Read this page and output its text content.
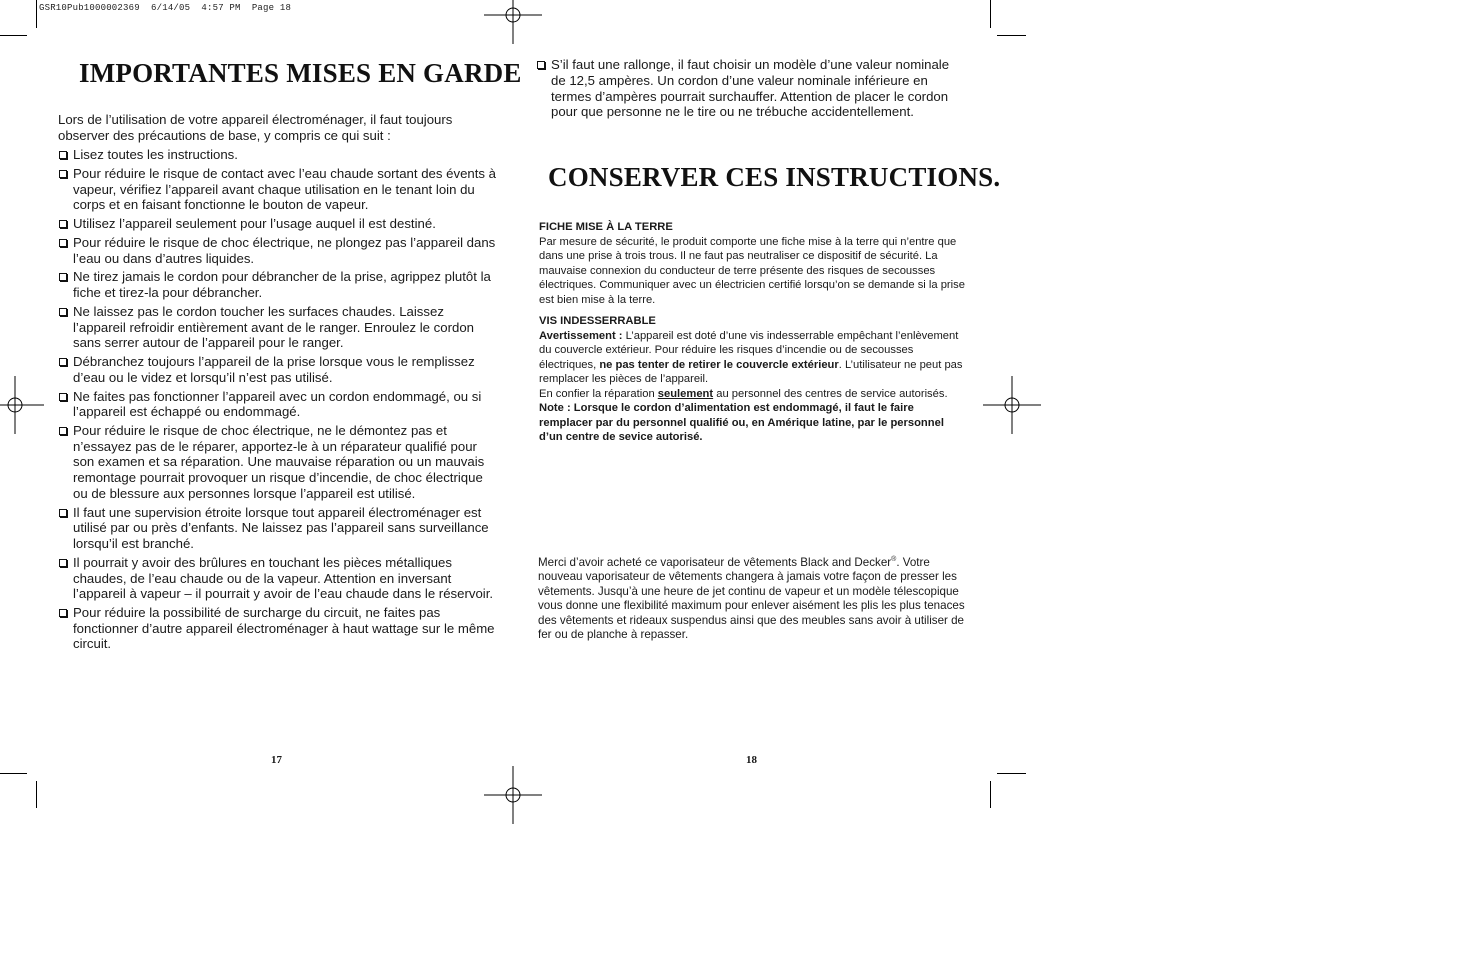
GSR10Pub1000002369  6/14/05  4:57 PM  Page 18
IMPORTANTES MISES EN GARDE

Lors de l’utilisation de votre appareil électroménager, il faut toujours observer des précautions de base, y compris ce qui suit :

Lisez toutes les instructions.
Pour réduire le risque de contact avec l’eau chaude sortant des évents à vapeur, vérifiez l’appareil avant chaque utilisation en le tenant loin du corps et en faisant fonctionne le bouton de vapeur.
Utilisez l’appareil seulement pour l’usage auquel il est destiné.
Pour réduire le risque de choc électrique, ne plongez pas l’appareil dans l’eau ou dans d’autres liquides.
Ne tirez jamais le cordon pour débrancher de la prise, agrippez plutôt la fiche et tirez-la pour débrancher.
Ne laissez pas le cordon toucher les surfaces chaudes. Laissez l’appareil refroidir entièrement avant de le ranger. Enroulez le cordon sans serrer autour de l’appareil pour le ranger.
Débranchez toujours l’appareil de la prise lorsque vous le remplissez d’eau ou le videz et lorsqu’il n’est pas utilisé.
Ne faites pas fonctionner l’appareil avec un cordon endommagé, ou si l’appareil est échappé ou endommagé.
Pour réduire le risque de choc électrique, ne le démontez pas et n’essayez pas de le réparer, apportez-le à un réparateur qualifié pour son examen et sa réparation. Une mauvaise réparation ou un mauvais remontage pourrait provoquer un risque d’incendie, de choc électrique ou de blessure aux personnes lorsque l’appareil est utilisé.
Il faut une supervision étroite lorsque tout appareil électroménager est utilisé par ou près d’enfants. Ne laissez pas l’appareil sans surveillance lorsqu’il est branché.
Il pourrait y avoir des brûlures en touchant les pièces métalliques chaudes, de l’eau chaude ou de la vapeur. Attention en inversant l’appareil à vapeur – il pourrait y avoir de l’eau chaude dans le réservoir.
Pour réduire la possibilité de surcharge du circuit, ne faites pas fonctionner d’autre appareil électroménager à haut wattage sur le même circuit.
17
S’il faut une rallonge, il faut choisir un modèle d’une valeur nominale de 12,5 ampères. Un cordon d’une valeur nominale inférieure en termes d’ampères pourrait surchauffer. Attention de placer le cordon pour que personne ne le tire ou ne trébuche accidentellement.
CONSERVER CES INSTRUCTIONS.

FICHE MISE À LA TERRE

Par mesure de sécurité, le produit comporte une fiche mise à la terre qui n’entre que dans une prise à trois trous. Il ne faut pas neutraliser ce dispositif de sécurité. La mauvaise connexion du conducteur de terre présente des risques de secousses électriques. Communiquer avec un électricien certifié lorsqu’on se demande si la prise est bien mise à la terre.

VIS INDESSERRABLE

Avertissement : L’appareil est doté d’une vis indesserrable empêchant l’enlèvement du couvercle extérieur. Pour réduire les risques d’incendie ou de secousses électriques, ne pas tenter de retirer le couvercle extérieur. L’utilisateur ne peut pas remplacer les pièces de l’appareil.

En confier la réparation seulement au personnel des centres de service autorisés.

Note : Lorsque le cordon d’alimentation est endommagé, il faut le faire remplacer par du personnel qualifié ou, en Amérique latine, par le personnel d’un centre de sevice autorisé.

Merci d’avoir acheté ce vaporisateur de vêtements Black and Decker®. Votre nouveau vaporisateur de vêtements changera à jamais votre façon de presser les vêtements. Jusqu’à une heure de jet continu de vapeur et un modèle télescopique vous donne une flexibilité maximum pour enlever aisément les plis les plus tenaces des vêtements et rideaux suspendus ainsi que des meubles sans avoir à utiliser de fer ou de planche à repasser.

18
